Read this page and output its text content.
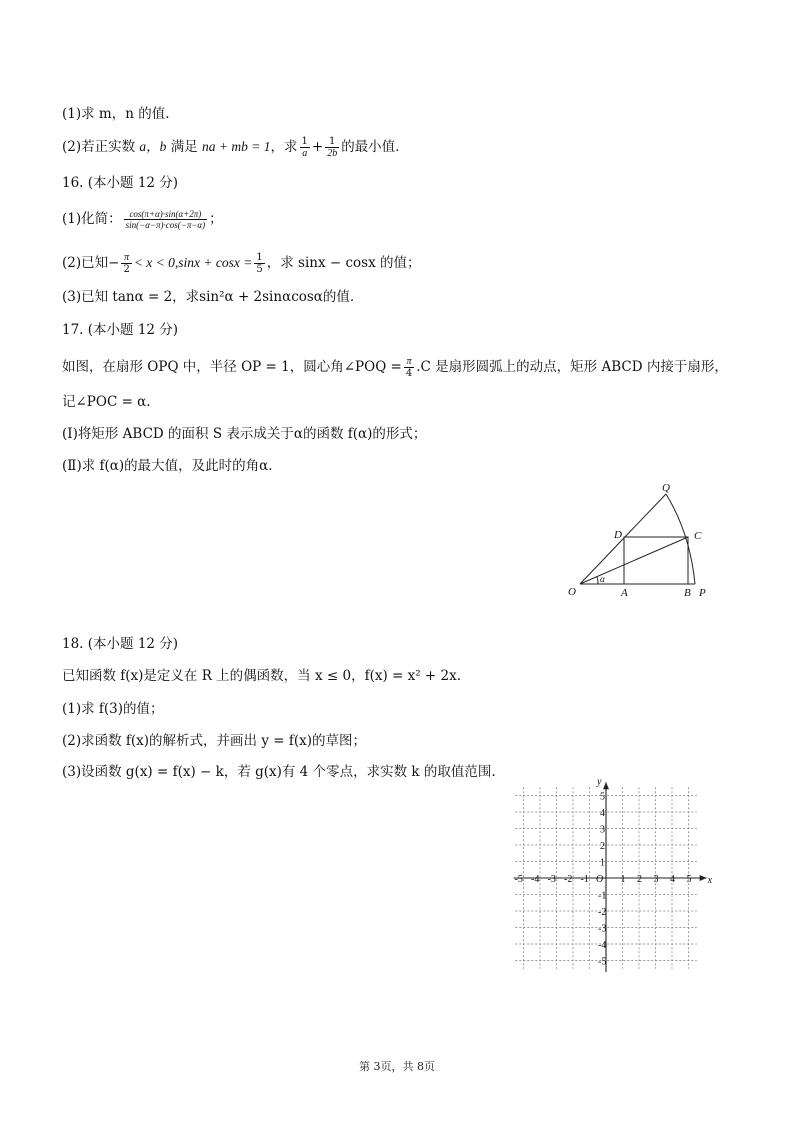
(1)求 m，n 的值.
(2)若正实数 a，b 满足 na + mb = 1，求 $\frac{1}{a} + \frac{1}{2b}$ 的最小值.
16. (本小题 12 分)
(1)化简： $\frac{\cos(\pi+\alpha)\cdot\sin(\alpha+2\pi)}{\sin(-\alpha-\pi)\cdot\cos(-\pi-\alpha)}$ ；
(2)已知− $\frac{\pi}{2} < x < 0,\sin x + \cos x = \frac{1}{5}$ ，求 sinx − cosx 的值；
(3)已知 tanα = 2，求sin²α + 2sinαcosα的值.
17. (本小题 12 分)
如图，在扇形 OPQ 中，半径 OP = 1，圆心角∠POQ = $\frac{\pi}{4} .C$ 是扇形圆弧上的动点，矩形 ABCD 内接于扇形，
记∠POC = α.
(Ⅰ)将矩形 ABCD 的面积 S 表示成关于α的函数 f(α)的形式；
(Ⅱ)求 f(α)的最大值，及此时的角α.
Q
D	C
O	A	B P
α
18. (本小题 12 分)
已知函数 f(x)是定义在 R 上的偶函数，当 x ≤ 0，f(x) = x² + 2x.
(1)求 f(3)的值；
(2)求函数 f(x)的解析式，并画出 y = f(x)的草图；
(3)设函数 g(x) = f(x) − k，若 g(x)有 4 个零点，求实数 k 的取值范围.
-5 -4 -3 -2 -1	1 2 3 4 5
5
4
3
2
1
-1
-2
-3
-4
-5
O	x
y
第 3页，共 8页
